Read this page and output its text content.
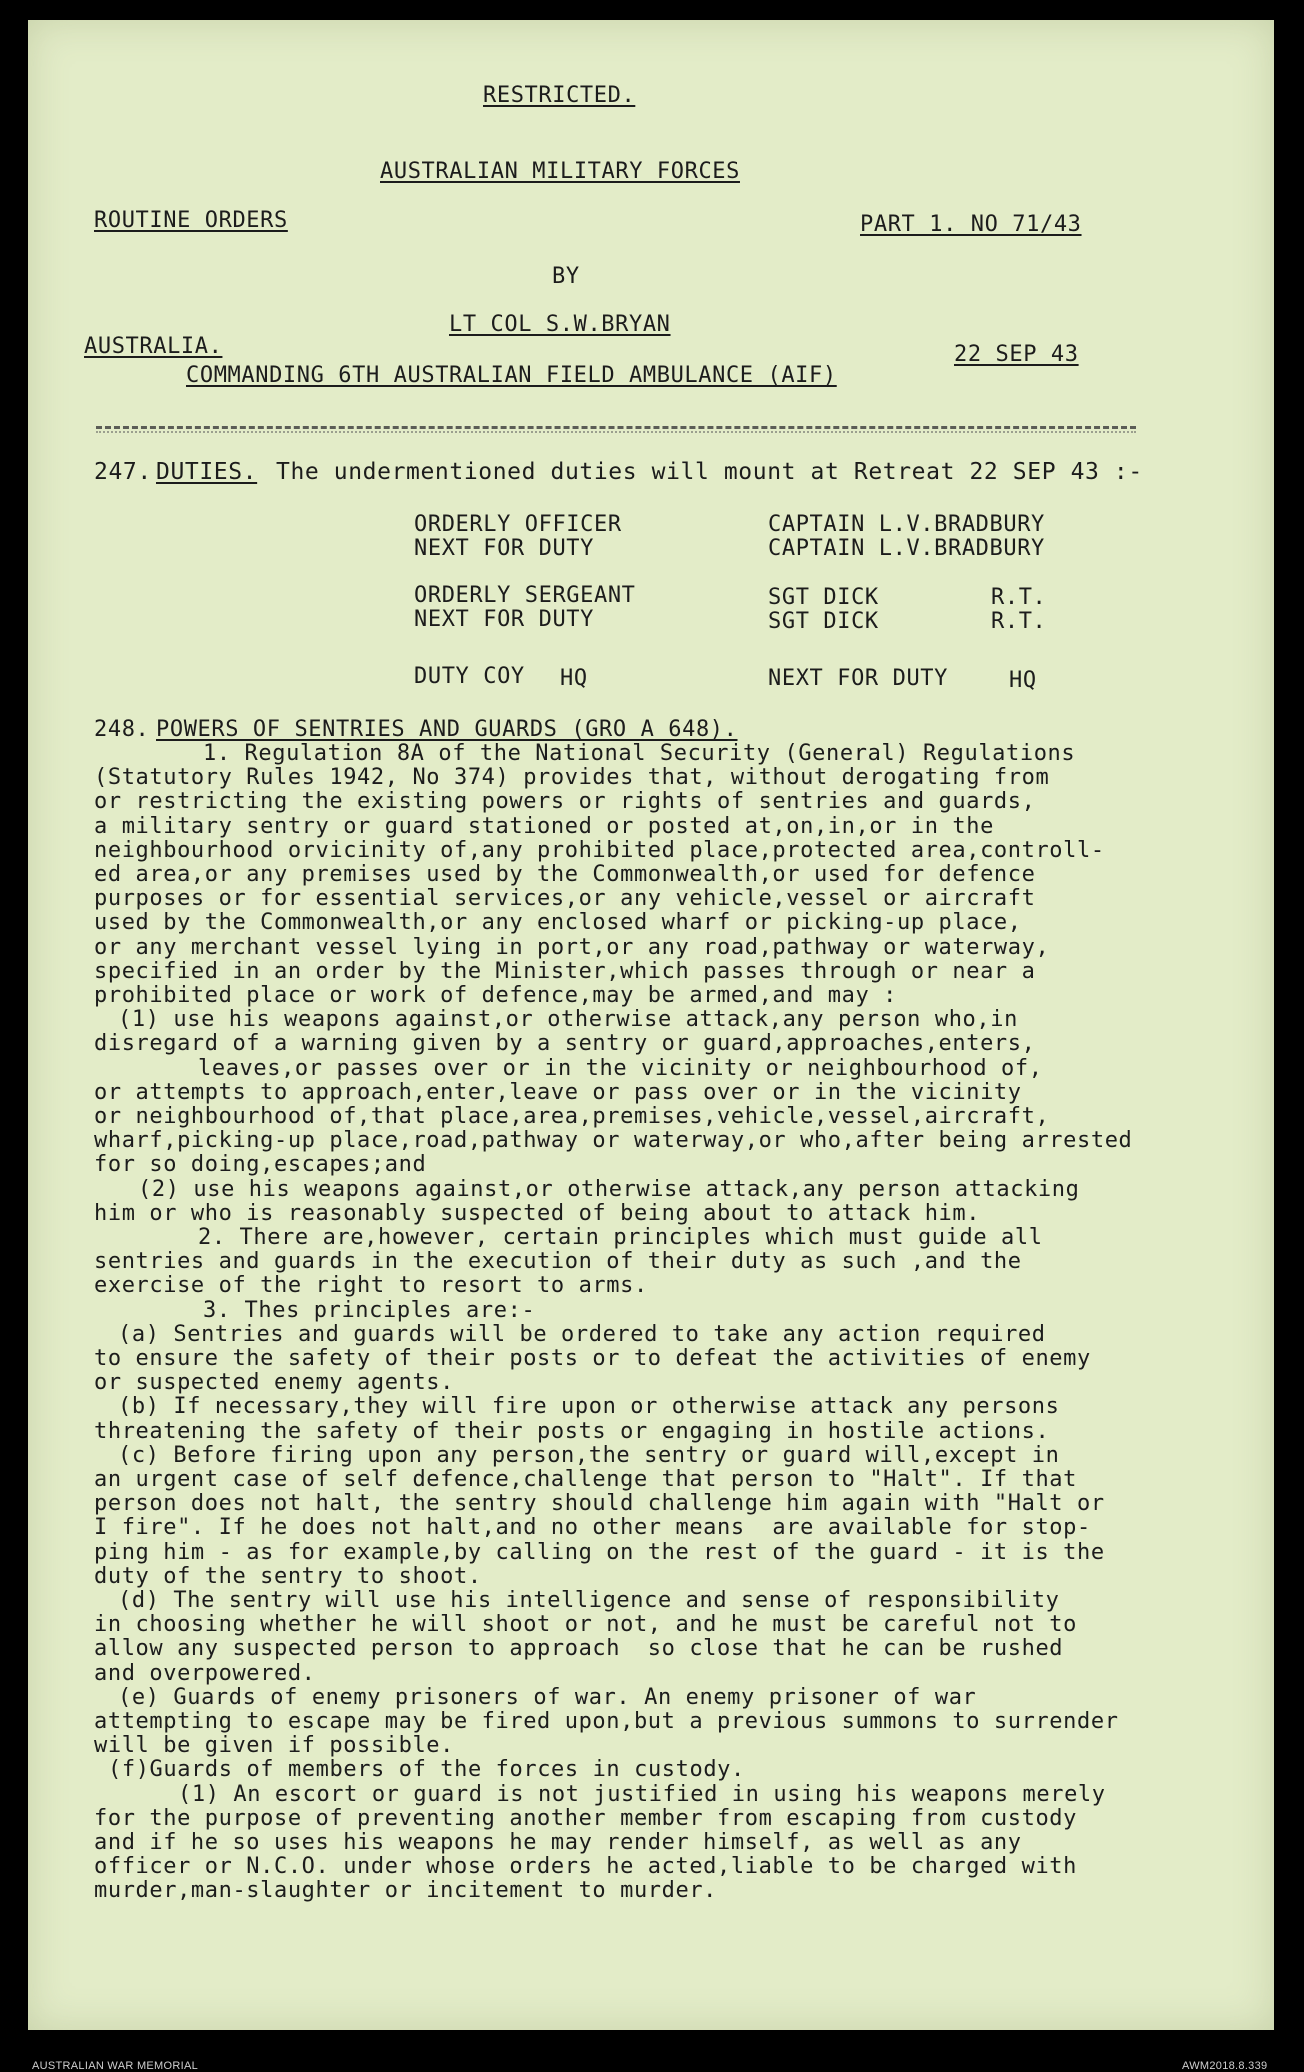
RESTRICTED.
AUSTRALIAN MILITARY FORCES
ROUTINE ORDERS	PART 1. NO 71/43
BY
LT COL S.W.BRYAN
AUSTRALIA.
COMMANDING 6TH AUSTRALIAN FIELD AMBULANCE (AIF)
22 SEP 43
247. DUTIES. The undermentioned duties will mount at Retreat 22 SEP 43 :-
ORDERLY OFFICER	CAPTAIN L.V.BRADBURY
NEXT FOR DUTY	CAPTAIN L.V.BRADBURY
ORDERLY SERGEANT	SGT DICK	R.T.
NEXT FOR DUTY	SGT DICK	R.T.
DUTY COY HQ	NEXT FOR DUTY	HQ
248. POWERS OF SENTRIES AND GUARDS (GRO A 648).
1. Regulation 8A of the National Security (General) Regulations
(Statutory Rules 1942, No 374) provides that, without derogating from
or restricting the existing powers or rights of sentries and guards,
a military sentry or guard stationed or posted at,on,in,or in the
neighbourhood orvicinity of,any prohibited place,protected area,controll-
ed area,or any premises used by the Commonwealth,or used for defence
purposes or for essential services,or any vehicle,vessel or aircraft
used by the Commonwealth,or any enclosed wharf or picking-up place,
or any merchant vessel lying in port,or any road,pathway or waterway,
specified in an order by the Minister,which passes through or near a
prohibited place or work of defence,may be armed,and may :
(1) use his weapons against,or otherwise attack,any person who,in
disregard of a warning given by a sentry or guard,approaches,enters,
leaves,or passes over or in the vicinity or neighbourhood of,
or attempts to approach,enter,leave or pass over or in the vicinity
or neighbourhood of,that place,area,premises,vehicle,vessel,aircraft,
wharf,picking-up place,road,pathway or waterway,or who,after being arrested
for so doing,escapes;and
(2) use his weapons against,or otherwise attack,any person attacking
him or who is reasonably suspected of being about to attack him.
2. There are,however, certain principles which must guide all
sentries and guards in the execution of their duty as such ,and the
exercise of the right to resort to arms.
3. Thes principles are:-
(a) Sentries and guards will be ordered to take any action required
to ensure the safety of their posts or to defeat the activities of enemy
or suspected enemy agents.
(b) If necessary,they will fire upon or otherwise attack any persons
threatening the safety of their posts or engaging in hostile actions.
(c) Before firing upon any person,the sentry or guard will,except in
an urgent case of self defence,challenge that person to "Halt". If that
person does not halt, the sentry should challenge him again with "Halt or
I fire". If he does not halt,and no other means  are available for stop-
ping him - as for example,by calling on the rest of the guard - it is the
duty of the sentry to shoot.
(d) The sentry will use his intelligence and sense of responsibility
in choosing whether he will shoot or not, and he must be careful not to
allow any suspected person to approach  so close that he can be rushed
and overpowered.
(e) Guards of enemy prisoners of war. An enemy prisoner of war
attempting to escape may be fired upon,but a previous summons to surrender
will be given if possible.
(f)Guards of members of the forces in custody.
(1) An escort or guard is not justified in using his weapons merely
for the purpose of preventing another member from escaping from custody
and if he so uses his weapons he may render himself, as well as any
officer or N.C.O. under whose orders he acted,liable to be charged with
murder,man-slaughter or incitement to murder.
AUSTRALIAN WAR MEMORIAL	AWM2018.8.339
